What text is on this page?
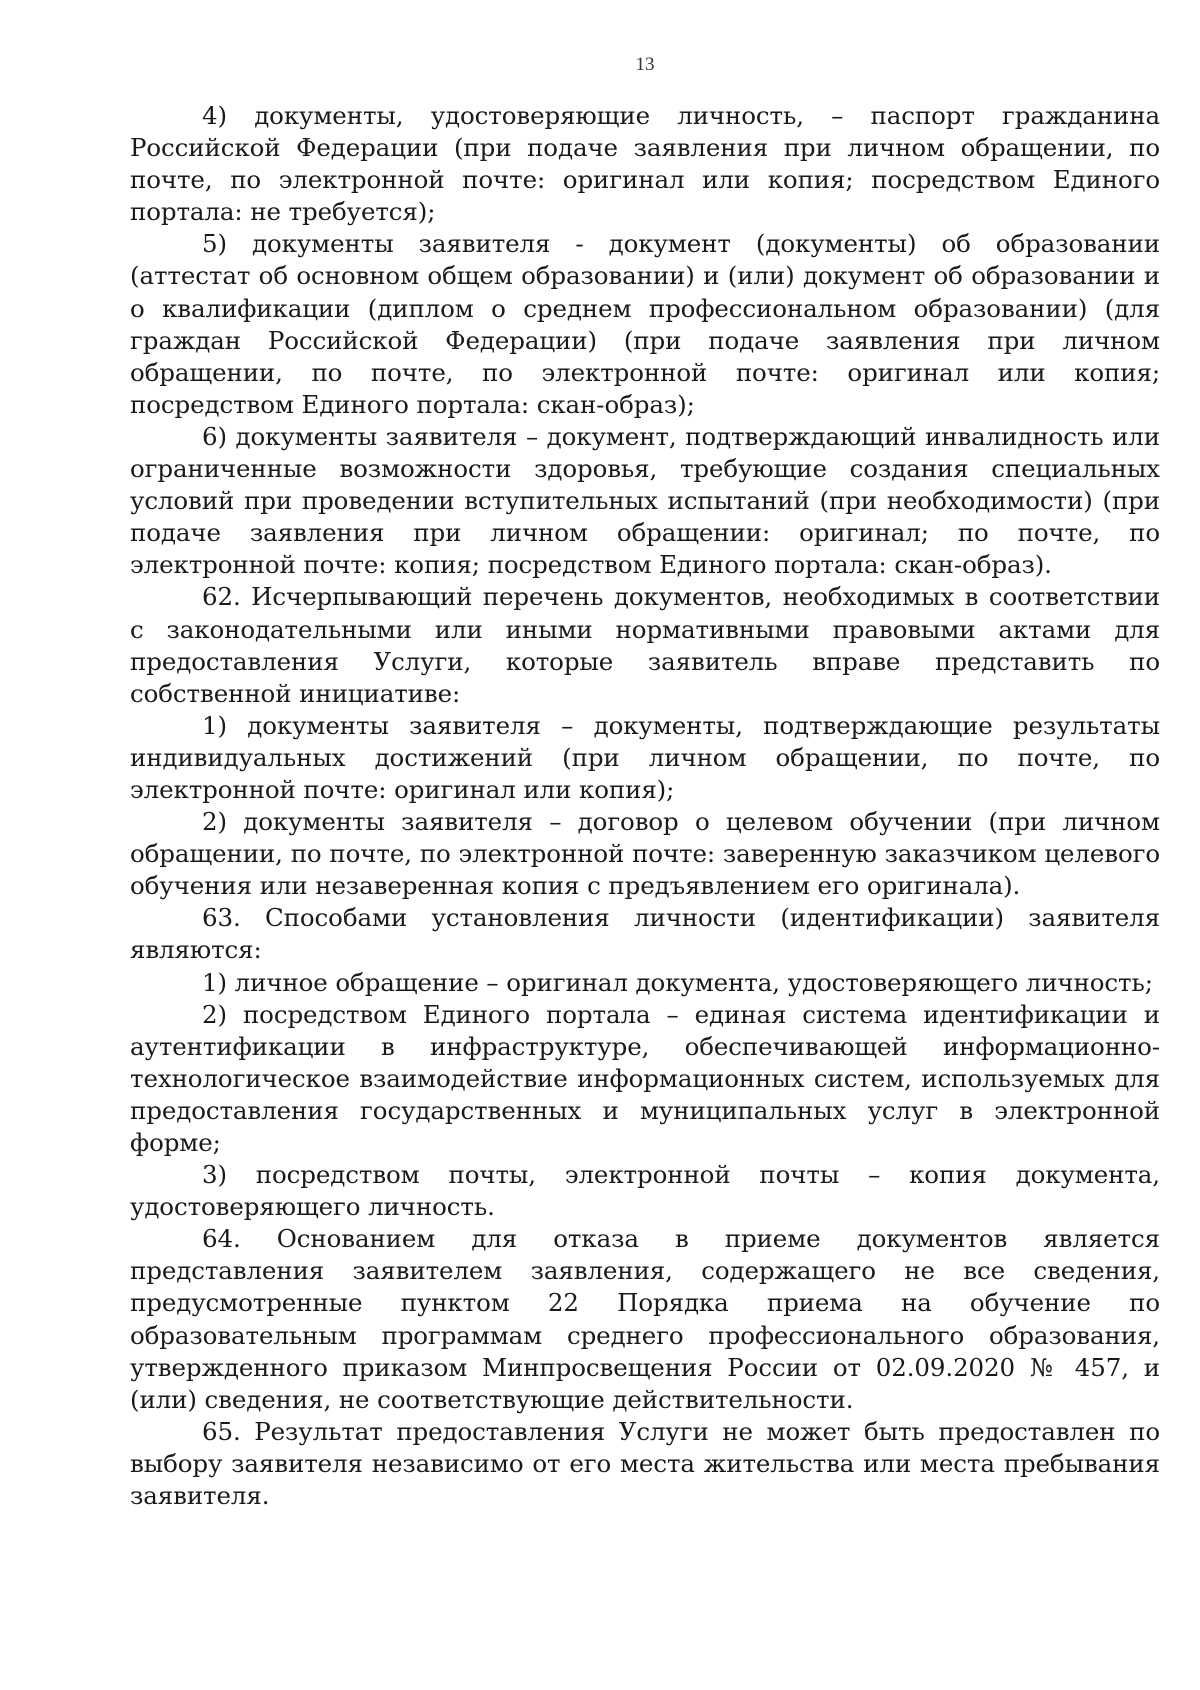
13

4) документы, удостоверяющие личность, – паспорт гражданина Российской Федерации (при подаче заявления при личном обращении, по почте, по электронной почте: оригинал или копия; посредством Единого портала: не требуется);

5) документы заявителя - документ (документы) об образовании (аттестат об основном общем образовании) и (или) документ об образовании и о квалификации (диплом о среднем профессиональном образовании) (для граждан Российской Федерации) (при подаче заявления при личном обращении, по почте, по электронной почте: оригинал или копия; посредством Единого портала: скан-образ);

6) документы заявителя – документ, подтверждающий инвалидность или ограниченные возможности здоровья, требующие создания специальных условий при проведении вступительных испытаний (при необходимости) (при подаче заявления при личном обращении: оригинал; по почте, по электронной почте: копия; посредством Единого портала: скан-образ).

62. Исчерпывающий перечень документов, необходимых в соответствии с законодательными или иными нормативными правовыми актами для предоставления Услуги, которые заявитель вправе представить по собственной инициативе:

1) документы заявителя – документы, подтверждающие результаты индивидуальных достижений (при личном обращении, по почте, по электронной почте: оригинал или копия);

2) документы заявителя – договор о целевом обучении (при личном обращении, по почте, по электронной почте: заверенную заказчиком целевого обучения или незаверенная копия с предъявлением его оригинала).

63. Способами установления личности (идентификации) заявителя являются:

1) личное обращение – оригинал документа, удостоверяющего личность;

2) посредством Единого портала – единая система идентификации и аутентификации в инфраструктуре, обеспечивающей информационно-технологическое взаимодействие информационных систем, используемых для предоставления государственных и муниципальных услуг в электронной форме;

3) посредством почты, электронной почты – копия документа, удостоверяющего личность.

64. Основанием для отказа в приеме документов является представления заявителем заявления, содержащего не все сведения, предусмотренные пунктом 22 Порядка приема на обучение по образовательным программам среднего профессионального образования, утвержденного приказом Минпросвещения России от 02.09.2020 № 457, и (или) сведения, не соответствующие действительности.

65. Результат предоставления Услуги не может быть предоставлен по выбору заявителя независимо от его места жительства или места пребывания заявителя.
